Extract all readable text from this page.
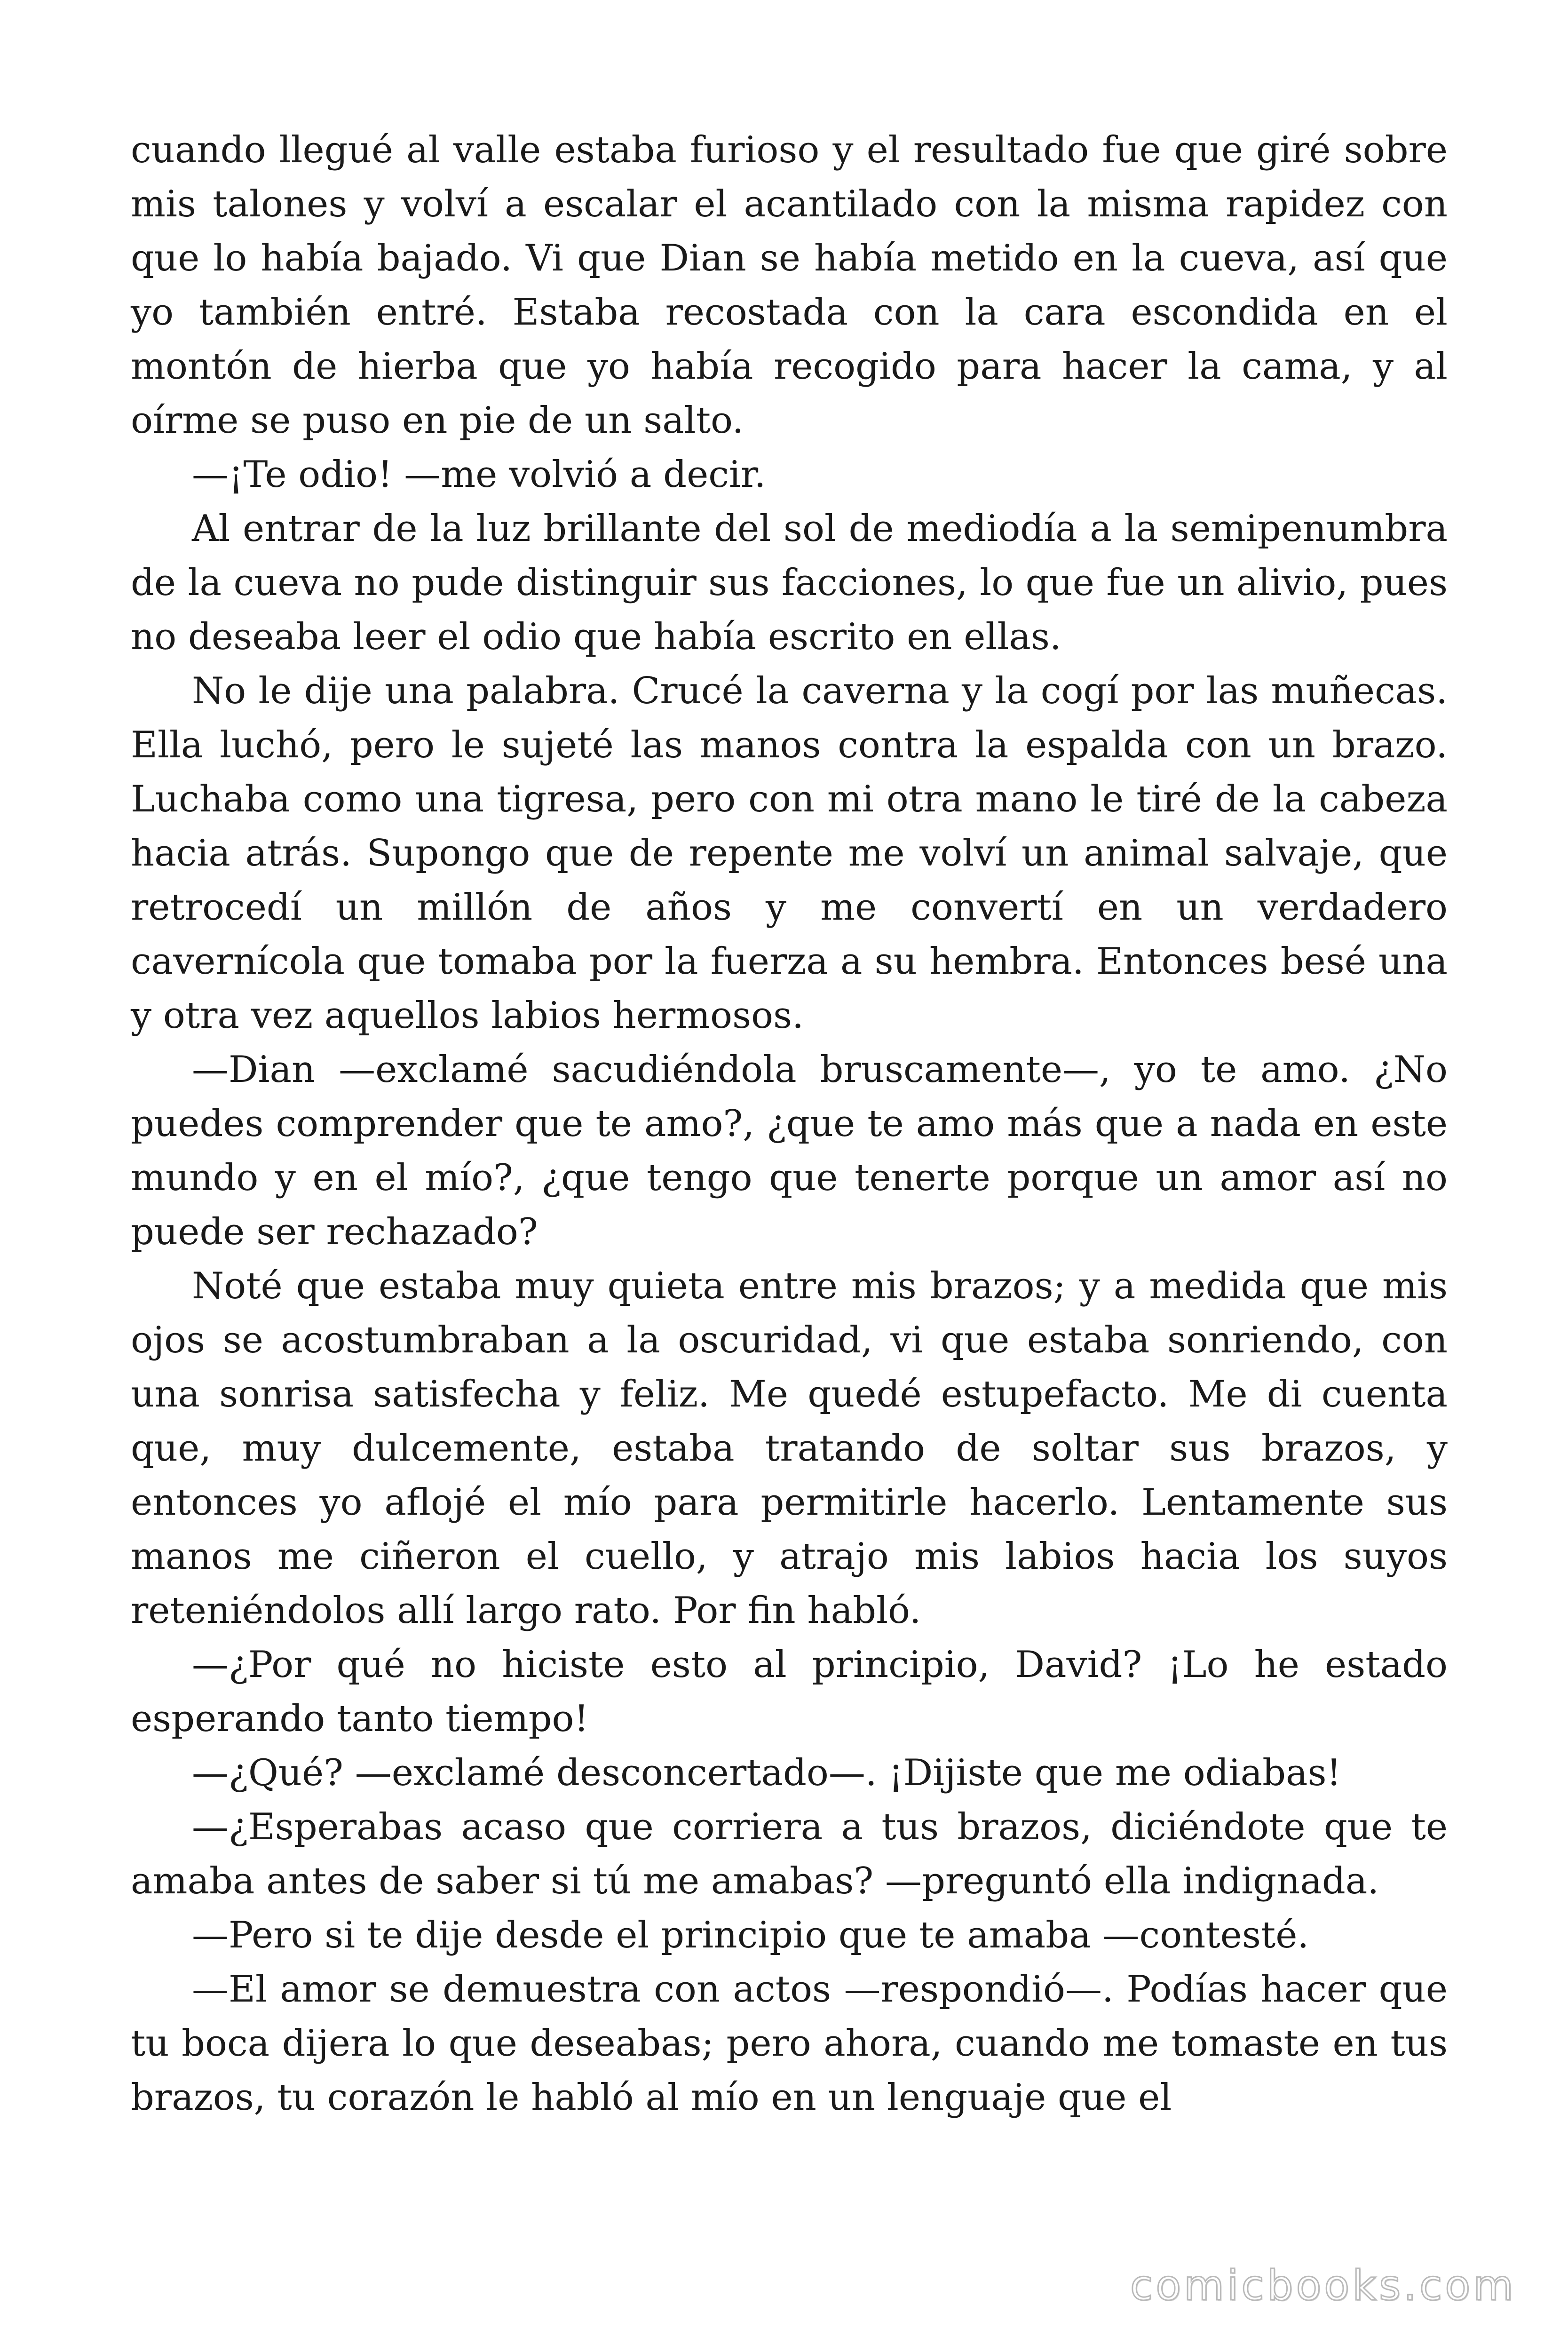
cuando llegué al valle estaba furioso y el resultado fue que giré sobre mis talones y volví a escalar el acantilado con la misma rapidez con que lo había bajado. Vi que Dian se había metido en la cueva, así que yo también entré. Estaba recostada con la cara escondida en el montón de hierba que yo había recogido para hacer la cama, y al oírme se puso en pie de un salto.

—¡Te odio! —me volvió a decir.

Al entrar de la luz brillante del sol de mediodía a la semipenumbra de la cueva no pude distinguir sus facciones, lo que fue un alivio, pues no deseaba leer el odio que había escrito en ellas.

No le dije una palabra. Crucé la caverna y la cogí por las muñecas. Ella luchó, pero le sujeté las manos contra la espalda con un brazo. Luchaba como una tigresa, pero con mi otra mano le tiré de la cabeza hacia atrás. Supongo que de repente me volví un animal salvaje, que retrocedí un millón de años y me convertí en un verdadero cavernícola que tomaba por la fuerza a su hembra. Entonces besé una y otra vez aquellos labios hermosos.

—Dian —exclamé sacudiéndola bruscamente—, yo te amo. ¿No puedes comprender que te amo?, ¿que te amo más que a nada en este mundo y en el mío?, ¿que tengo que tenerte porque un amor así no puede ser rechazado?

Noté que estaba muy quieta entre mis brazos; y a medida que mis ojos se acostumbraban a la oscuridad, vi que estaba sonriendo, con una sonrisa satisfecha y feliz. Me quedé estupefacto. Me di cuenta que, muy dulcemente, estaba tratando de soltar sus brazos, y entonces yo aflojé el mío para permitirle hacerlo. Lentamente sus manos me ciñeron el cuello, y atrajo mis labios hacia los suyos reteniéndolos allí largo rato. Por fin habló.

—¿Por qué no hiciste esto al principio, David? ¡Lo he estado esperando tanto tiempo!

—¿Qué? —exclamé desconcertado—. ¡Dijiste que me odiabas!

—¿Esperabas acaso que corriera a tus brazos, diciéndote que te amaba antes de saber si tú me amabas? —preguntó ella indignada.

—Pero si te dije desde el principio que te amaba —contesté.

—El amor se demuestra con actos —respondió—. Podías hacer que tu boca dijera lo que deseabas; pero ahora, cuando me tomaste en tus brazos, tu corazón le habló al mío en un lenguaje que el

comicbooks.com
